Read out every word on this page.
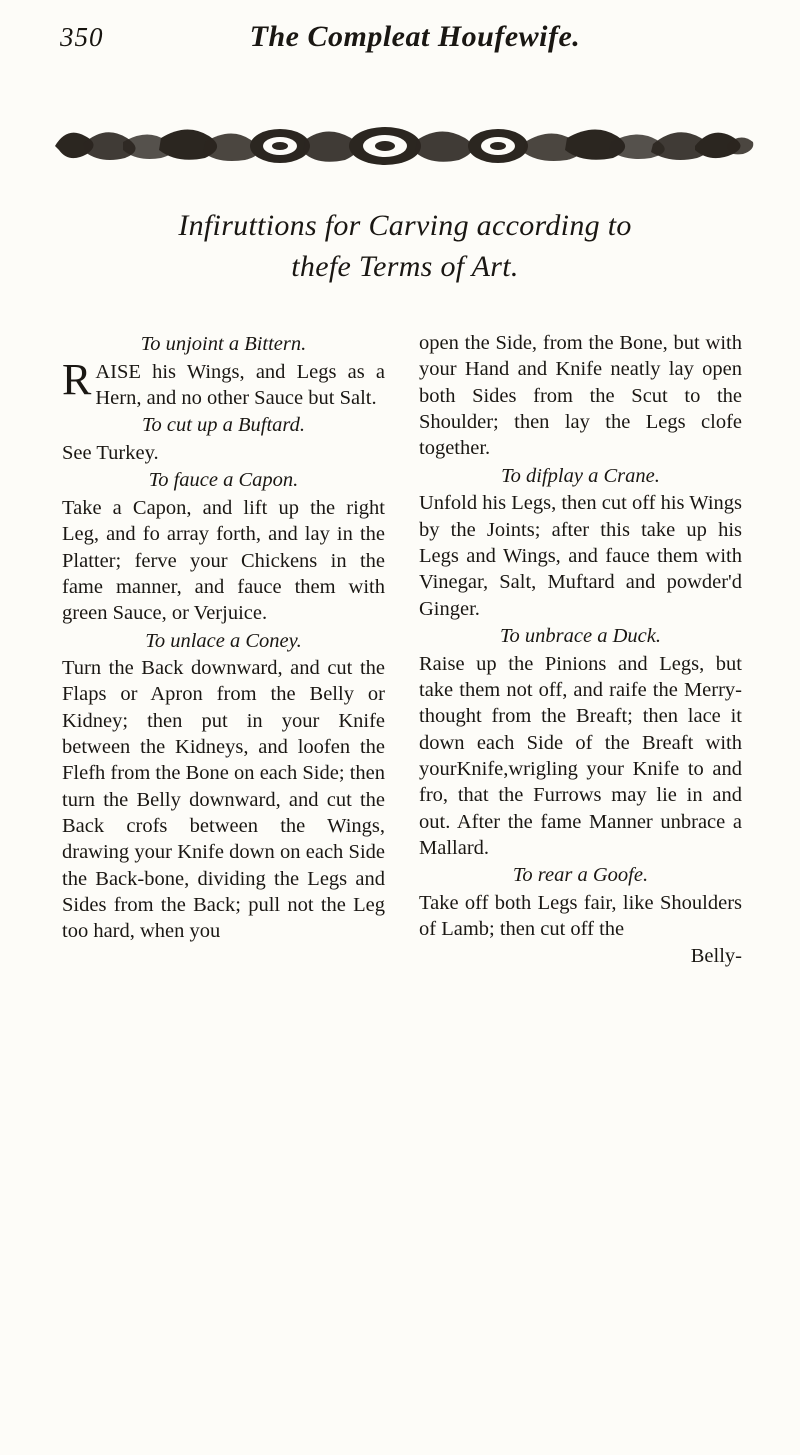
350	The Compleat Houfewife.
Infiruttions for Carving according to
thefe Terms of Art.
To unjoint a Bittern.
RAISE his Wings, and Legs as a Hern, and no other Sauce but Salt.
To cut up a Buftard.
See Turkey.
To fauce a Capon.
Take a Capon, and lift up the right Leg, and fo array forth, and lay in the Platter; ferve your Chickens in the fame manner, and fauce them with green Sauce, or Verjuice.
To unlace a Coney.
Turn the Back downward, and cut the Flaps or Apron from the Belly or Kidney; then put in your Knife between the Kidneys, and loofen the Flefh from the Bone on each Side; then turn the Belly downward, and cut the Back crofs between the Wings, drawing your Knife down on each Side the Back-bone, dividing the Legs and Sides from the Back; pull not the Leg too hard, when you
open the Side, from the Bone, but with your Hand and Knife neatly lay open both Sides from the Scut to the Shoulder; then lay the Legs clofe together.
To difplay a Crane.
Unfold his Legs, then cut off his Wings by the Joints; after this take up his Legs and Wings, and fauce them with Vinegar, Salt, Muftard and powder'd Ginger.
To unbrace a Duck.
Raise up the Pinions and Legs, but take them not off, and raife the Merry-thought from the Breaft; then lace it down each Side of the Breaft with yourKnife,wrigling your Knife to and fro, that the Furrows may lie in and out. After the fame Manner unbrace a Mallard.
To rear a Goofe.
Take off both Legs fair, like Shoulders of Lamb; then cut off the
Belly-
